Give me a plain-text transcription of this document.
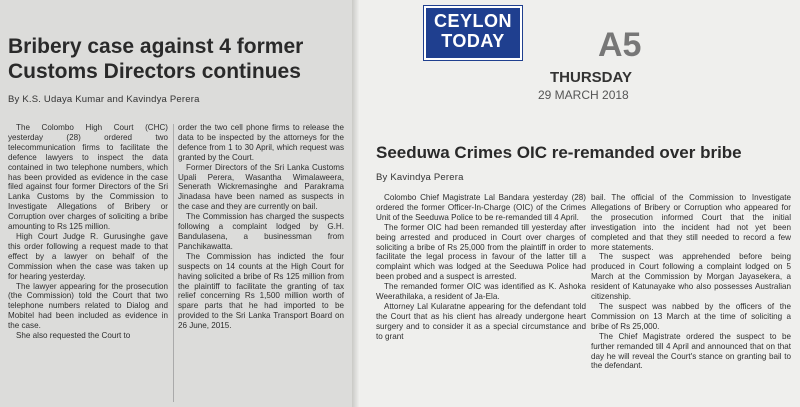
Bribery case against 4 former Customs Directors continues
By K.S. Udaya Kumar and Kavindya Perera

The Colombo High Court (CHC) yesterday (28) ordered two telecommunication firms to facilitate the defence lawyers to inspect the data contained in two telephone numbers, which has been provided as evidence in the case filed against four former Directors of the Sri Lanka Customs by the Commission to Investigate Allegations of Bribery or Corruption over charges of soliciting a bribe amounting to Rs 125 million.

High Court Judge R. Gurusinghe gave this order following a request made to that effect by a lawyer on behalf of the Commission when the case was taken up for hearing yesterday.

The lawyer appearing for the prosecution (the Commission) told the Court that two telephone numbers related to Dialog and Mobitel had been included as evidence in the case.

She also requested the Court to

order the two cell phone firms to release the data to be inspected by the attorneys for the defence from 1 to 30 April, which request was granted by the Court.

Former Directors of the Sri Lanka Customs Upali Perera, Wasantha Wimalaweera, Senerath Wickremasinghe and Parakrama Jinadasa have been named as suspects in the case and they are currently on bail.

The Commission has charged the suspects following a complaint lodged by G.H. Bandulasena, a businessman from Panchikawatta.

The Commission has indicted the four suspects on 14 counts at the High Court for having solicited a bribe of Rs 125 million from the plaintiff to facilitate the granting of tax relief concerning Rs 1,500 million worth of spare parts that he had imported to be provided to the Sri Lanka Transport Board on 26 June, 2015.

CEYLON
TODAY	A5
THURSDAY
29 MARCH 2018
Seeduwa Crimes OIC re-remanded over bribe
By Kavindya Perera

Colombo Chief Magistrate Lal Bandara yesterday (28) ordered the former Officer-In-Charge (OIC) of the Crimes Unit of the Seeduwa Police to be re-remanded till 4 April.

The former OIC had been remanded till yesterday after being arrested and produced in Court over charges of soliciting a bribe of Rs 25,000 from the plaintiff in order to facilitate the legal process in favour of the latter till a complaint which was lodged at the Seeduwa Police had been probed and a suspect is arrested.

The remanded former OIC was identified as K. Ashoka Weerathilaka, a resident of Ja-Ela.

Attorney Lal Kularatne appearing for the defendant told the Court that as his client has already undergone heart surgery and to consider it as a special circumstance and to grant

bail. The official of the Commission to Investigate Allegations of Bribery or Corruption who appeared for the prosecution informed Court that the initial investigation into the incident had not yet been completed and that they still needed to record a few more statements.

The suspect was apprehended before being produced in Court following a complaint lodged on 5 March at the Commission by Morgan Jayasekera, a resident of Katunayake who also possesses Australian citizenship.

The suspect was nabbed by the officers of the Commission on 13 March at the time of soliciting a bribe of Rs 25,000.

The Chief Magistrate ordered the suspect to be further remanded till 4 April and announced that on that day he will reveal the Court's stance on granting bail to the defendant.
